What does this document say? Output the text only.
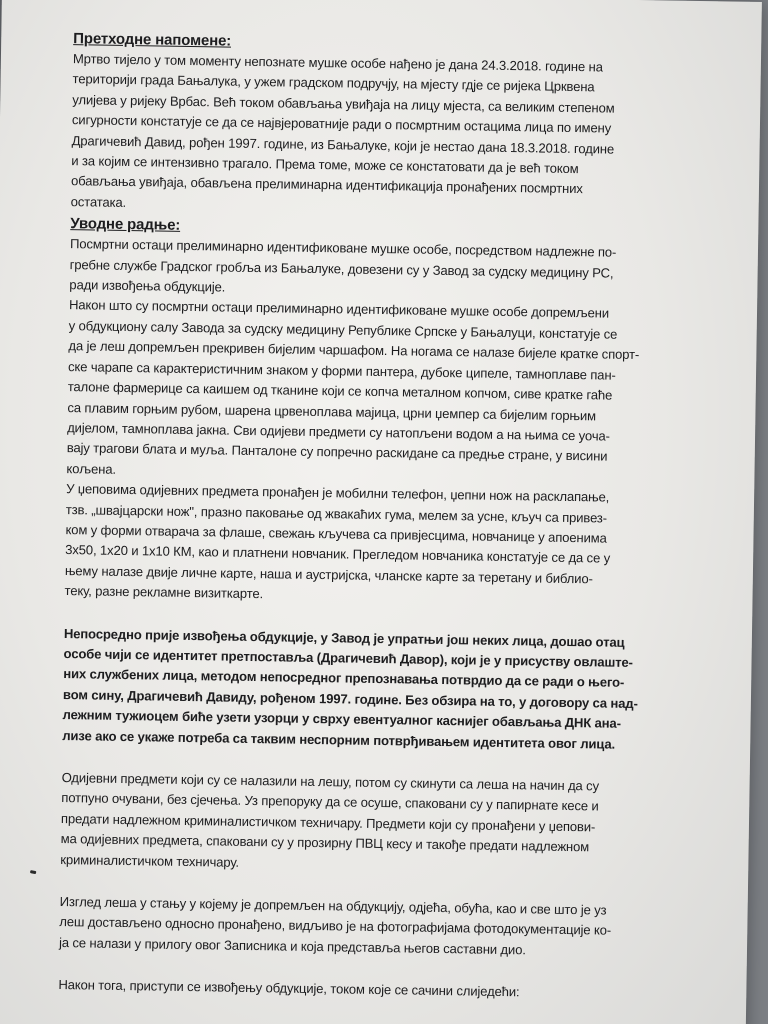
Претходне напомене:

Мртво тијело у том моменту непознате мушке особе нађено је дана 24.3.2018. године на
територији града Бањалука, у ужем градском подручју, на мјесту гдје се ријека Црквена
улијева у ријеку Врбас. Већ током обављања увиђаја на лицу мјеста, са великим степеном
сигурности констатује се да се највјероватније ради о посмртним остацима лица по имену
Драгичевић Давид, рођен 1997. године, из Бањалуке, који је нестао дана 18.3.2018. године
и за којим се интензивно трагало. Према томе, може се констатовати да је већ током
обављања увиђаја, обављена прелиминарна идентификација пронађених посмртних
остатака.

Уводне радње:

Посмртни остаци прелиминарно идентификоване мушке особе, посредством надлежне по-
гребне службе Градског гробља из Бањалуке, довезени су у Завод за судску медицину РС,
ради извођења обдукције.

Након што су посмртни остаци прелиминарно идентификоване мушке особе допремљени
у обдукциону салу Завода за судску медицину Републике Српске у Бањалуци, констатује се
да је леш допремљен прекривен бијелим чаршафом. На ногама се налазе бијеле кратке спорт-
ске чарапе са карактеристичним знаком у форми пантера, дубоке ципеле, тамноплаве пан-
талоне фармерице са каишем од тканине који се копча металном копчом, сиве кратке гаће
са плавим горњим рубом, шарена црвеноплава мајица, црни џемпер са бијелим горњим
дијелом, тамноплава јакна. Сви одијеви предмети су натопљени водом а на њима се уоча-
вају трагови блата и муља. Панталоне су попречно раскидане са предње стране, у висини
кољена.

У џеповима одијевних предмета пронађен је мобилни телефон, џепни нож на расклапање,
тзв. „швајцарски нож", празно паковање од жвакаћих гума, мелем за усне, кључ са привез-
ком у форми отварача за флаше, свежањ кључева са привјесцима, новчанице у апоенима
3х50, 1х20 и 1х10 КМ, као и платнени новчаник. Прегледом новчаника констатује се да се у
њему налазе двије личне карте, наша и аустријска, чланске карте за теретану и библио-
теку, разне рекламне визиткарте.

Непосредно прије извођења обдукције, у Завод је упратњи још неких лица, дошао отац
особе чији се идентитет претпоставља (Драгичевић Давор), који је у присуству овлаште-
них службених лица, методом непосредног препознавања потврдио да се ради о њего-
вом сину, Драгичевић Давиду, рођеном 1997. године. Без обзира на то, у договору са над-
лежним тужиоцем биће узети узорци у сврху евентуалног каснијег обављања ДНК ана-
лизе ако се укаже потреба са таквим неспорним потврђивањем идентитета овог лица.

Одијевни предмети који су се налазили на лешу, потом су скинути са леша на начин да су
потпуно очувани, без сјечења. Уз препоруку да се осуше, спаковани су у папирнате кесе и
предати надлежном криминалистичком техничару. Предмети који су пронађени у џепови-
ма одијевних предмета, спаковани су у прозирну ПВЦ кесу и такође предати надлежном
криминалистичком техничару.

Изглед леша у стању у којему је допремљен на обдукцију, одјећа, обућа, као и све што је уз
леш достављено односно пронађено, видљиво је на фотографијама фотодокументације ко-
ја се налази у прилогу овог Записника и која представља његов саставни дио.

Након тога, приступи се извођењу обдукције, током које се сачини слиједећи:
